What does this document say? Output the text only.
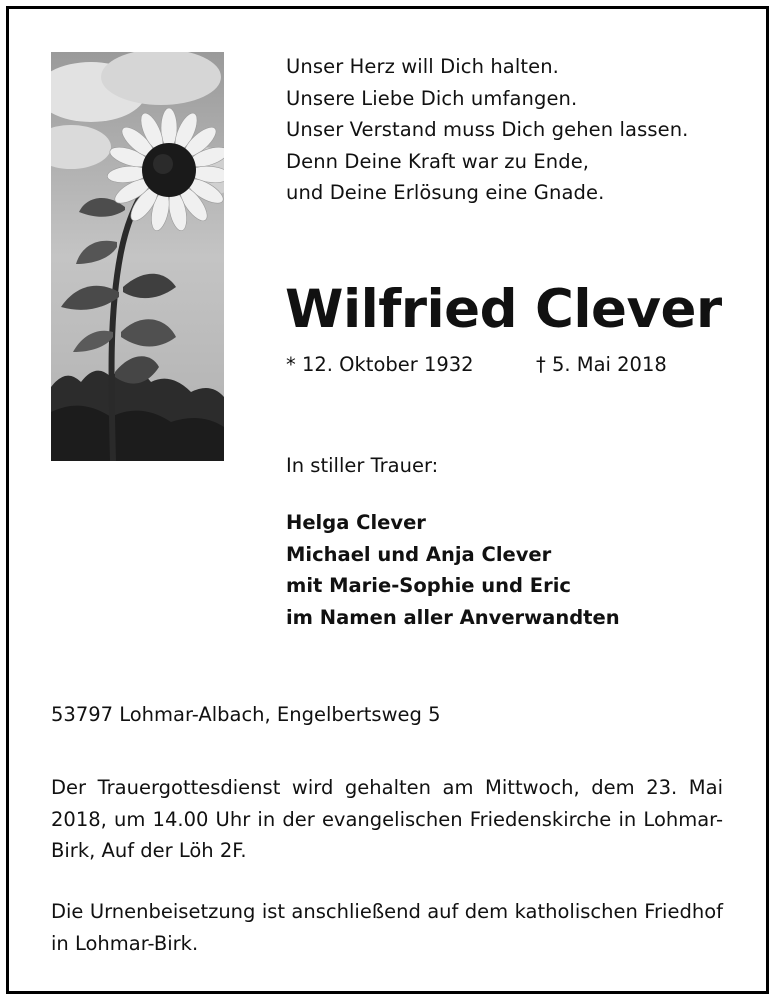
Unser Herz will Dich halten.
Unsere Liebe Dich umfangen.
Unser Verstand muss Dich gehen lassen.
Denn Deine Kraft war zu Ende,
und Deine Erlösung eine Gnade.
Wilfried Clever
* 12. Oktober 1932	† 5. Mai 2018
In stiller Trauer:
Helga Clever
Michael und Anja Clever
mit Marie-Sophie und Eric
im Namen aller Anverwandten
53797 Lohmar-Albach, Engelbertsweg 5
Der Trauergottesdienst wird gehalten am Mittwoch, dem 23. Mai 2018, um 14.00 Uhr in der evangelischen Friedenskirche in Lohmar-Birk, Auf der Löh 2F.
Die Urnenbeisetzung ist anschließend auf dem katholischen Friedhof in Lohmar-Birk.
